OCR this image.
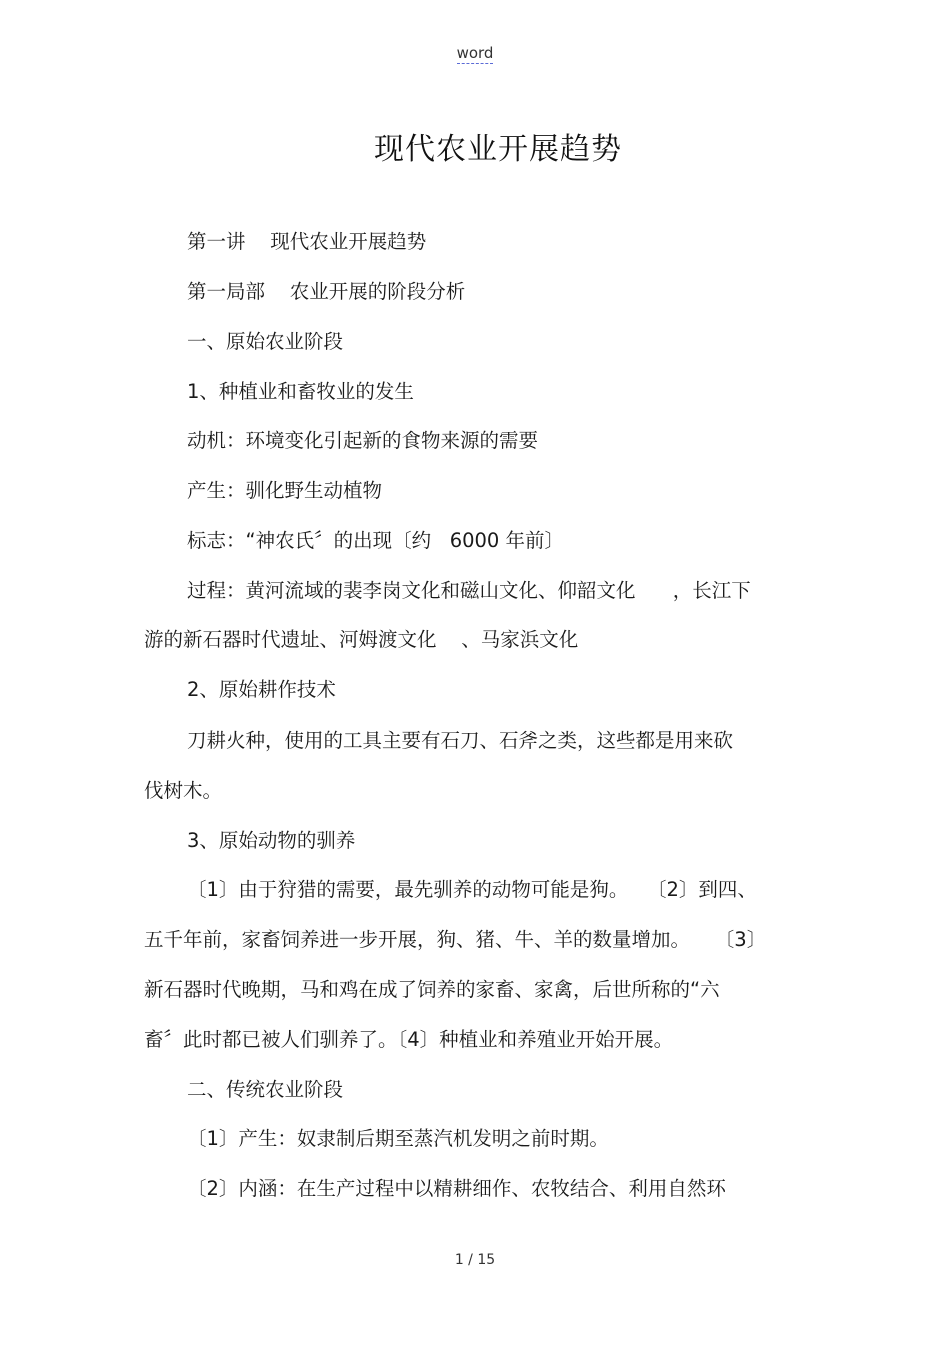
word
现代农业开展趋势
第一讲    现代农业开展趋势
第一局部    农业开展的阶段分析
一、原始农业阶段
1、种植业和畜牧业的发生
动机：环境变化引起新的食物来源的需要
产生：驯化野生动植物
标志：“神农氏〞的出现〔约   6000 年前〕
过程：黄河流域的裴李岗文化和磁山文化、仰韶文化      ，长江下
游的新石器时代遗址、河姆渡文化    、马家浜文化
2、原始耕作技术
刀耕火种，使用的工具主要有石刀、石斧之类，这些都是用来砍
伐树木。
3、原始动物的驯养
〔1〕由于狩猎的需要，最先驯养的动物可能是狗。   〔2〕到四、
五千年前，家畜饲养进一步开展，狗、猪、牛、羊的数量增加。    〔3〕
新石器时代晚期，马和鸡在成了饲养的家畜、家禽，后世所称的“六
畜〞此时都已被人们驯养了。〔4〕种植业和养殖业开始开展。
二、传统农业阶段
〔1〕产生：奴隶制后期至蒸汽机发明之前时期。
〔2〕内涵：在生产过程中以精耕细作、农牧结合、利用自然环
1 / 15
